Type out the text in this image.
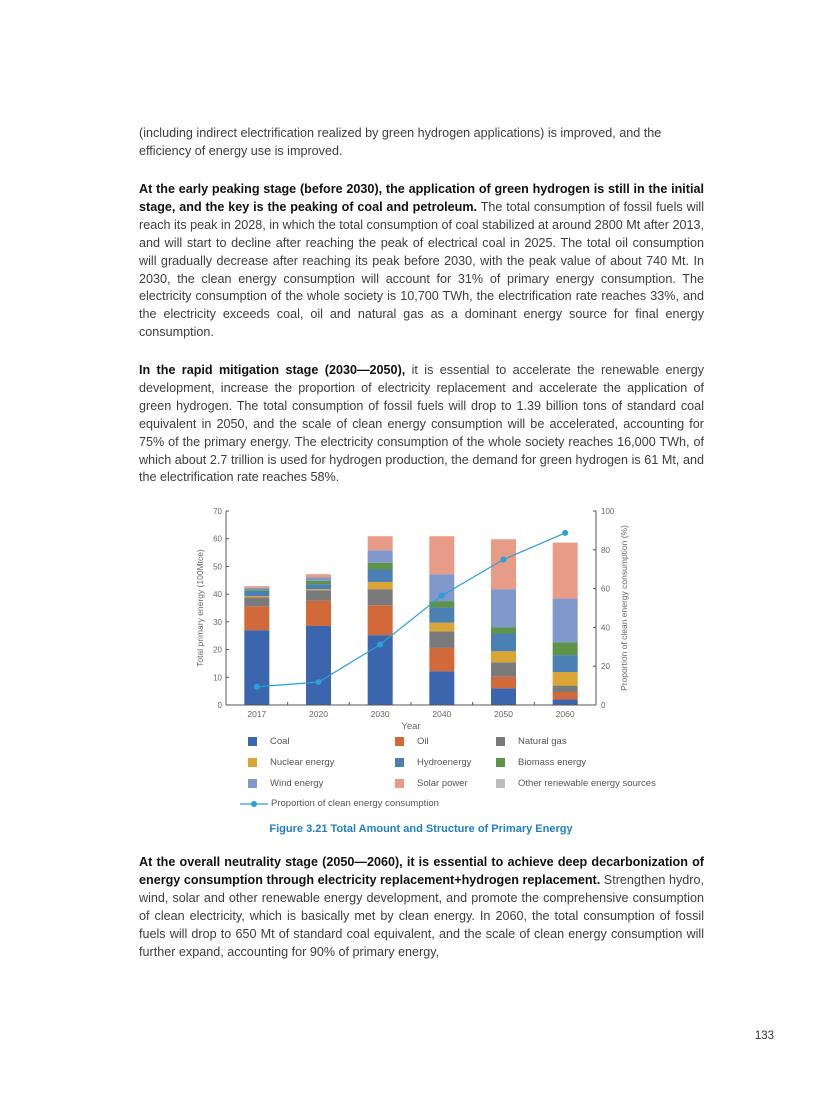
(including indirect electrification realized by green hydrogen applications) is improved, and the efficiency of energy use is improved.

At the early peaking stage (before 2030), the application of green hydrogen is still in the initial stage, and the key is the peaking of coal and petroleum. The total consumption of fossil fuels will reach its peak in 2028, in which the total consumption of coal stabilized at around 2800 Mt after 2013, and will start to decline after reaching the peak of electrical coal in 2025. The total oil consumption will gradually decrease after reaching its peak before 2030, with the peak value of about 740 Mt. In 2030, the clean energy consumption will account for 31% of primary energy consumption. The electricity consumption of the whole society is 10,700 TWh, the electrification rate reaches 33%, and the electricity exceeds coal, oil and natural gas as a dominant energy source for final energy consumption.

In the rapid mitigation stage (2030—2050), it is essential to accelerate the renewable energy development, increase the proportion of electricity replacement and accelerate the application of green hydrogen. The total consumption of fossil fuels will drop to 1.39 billion tons of standard coal equivalent in 2050, and the scale of clean energy consumption will be accelerated, accounting for 75% of the primary energy. The electricity consumption of the whole society reaches 16,000 TWh, of which about 2.7 trillion is used for hydrogen production, the demand for green hydrogen is 61 Mt, and the electrification rate reaches 58%.

0
10
20
30
40
50
60
70
0
20
40
60
80
100
2017	2020	2030	2040	2050	2060
Year
Total primary energy (100Mtce)	Proportion of clean energy consumption (%)
Coal	Oil	Natural gas
Nuclear energy	Hydroenergy	Biomass energy
Wind energy	Solar power	Other renewable energy sources
Proportion of clean energy consumption
Figure 3.21 Total Amount and Structure of Primary Energy

At the overall neutrality stage (2050—2060), it is essential to achieve deep decarbonization of energy consumption through electricity replacement+hydrogen replacement. Strengthen hydro, wind, solar and other renewable energy development, and promote the comprehensive consumption of clean electricity, which is basically met by clean energy. In 2060, the total consumption of fossil fuels will drop to 650 Mt of standard coal equivalent, and the scale of clean energy consumption will further expand, accounting for 90% of primary energy,

133
